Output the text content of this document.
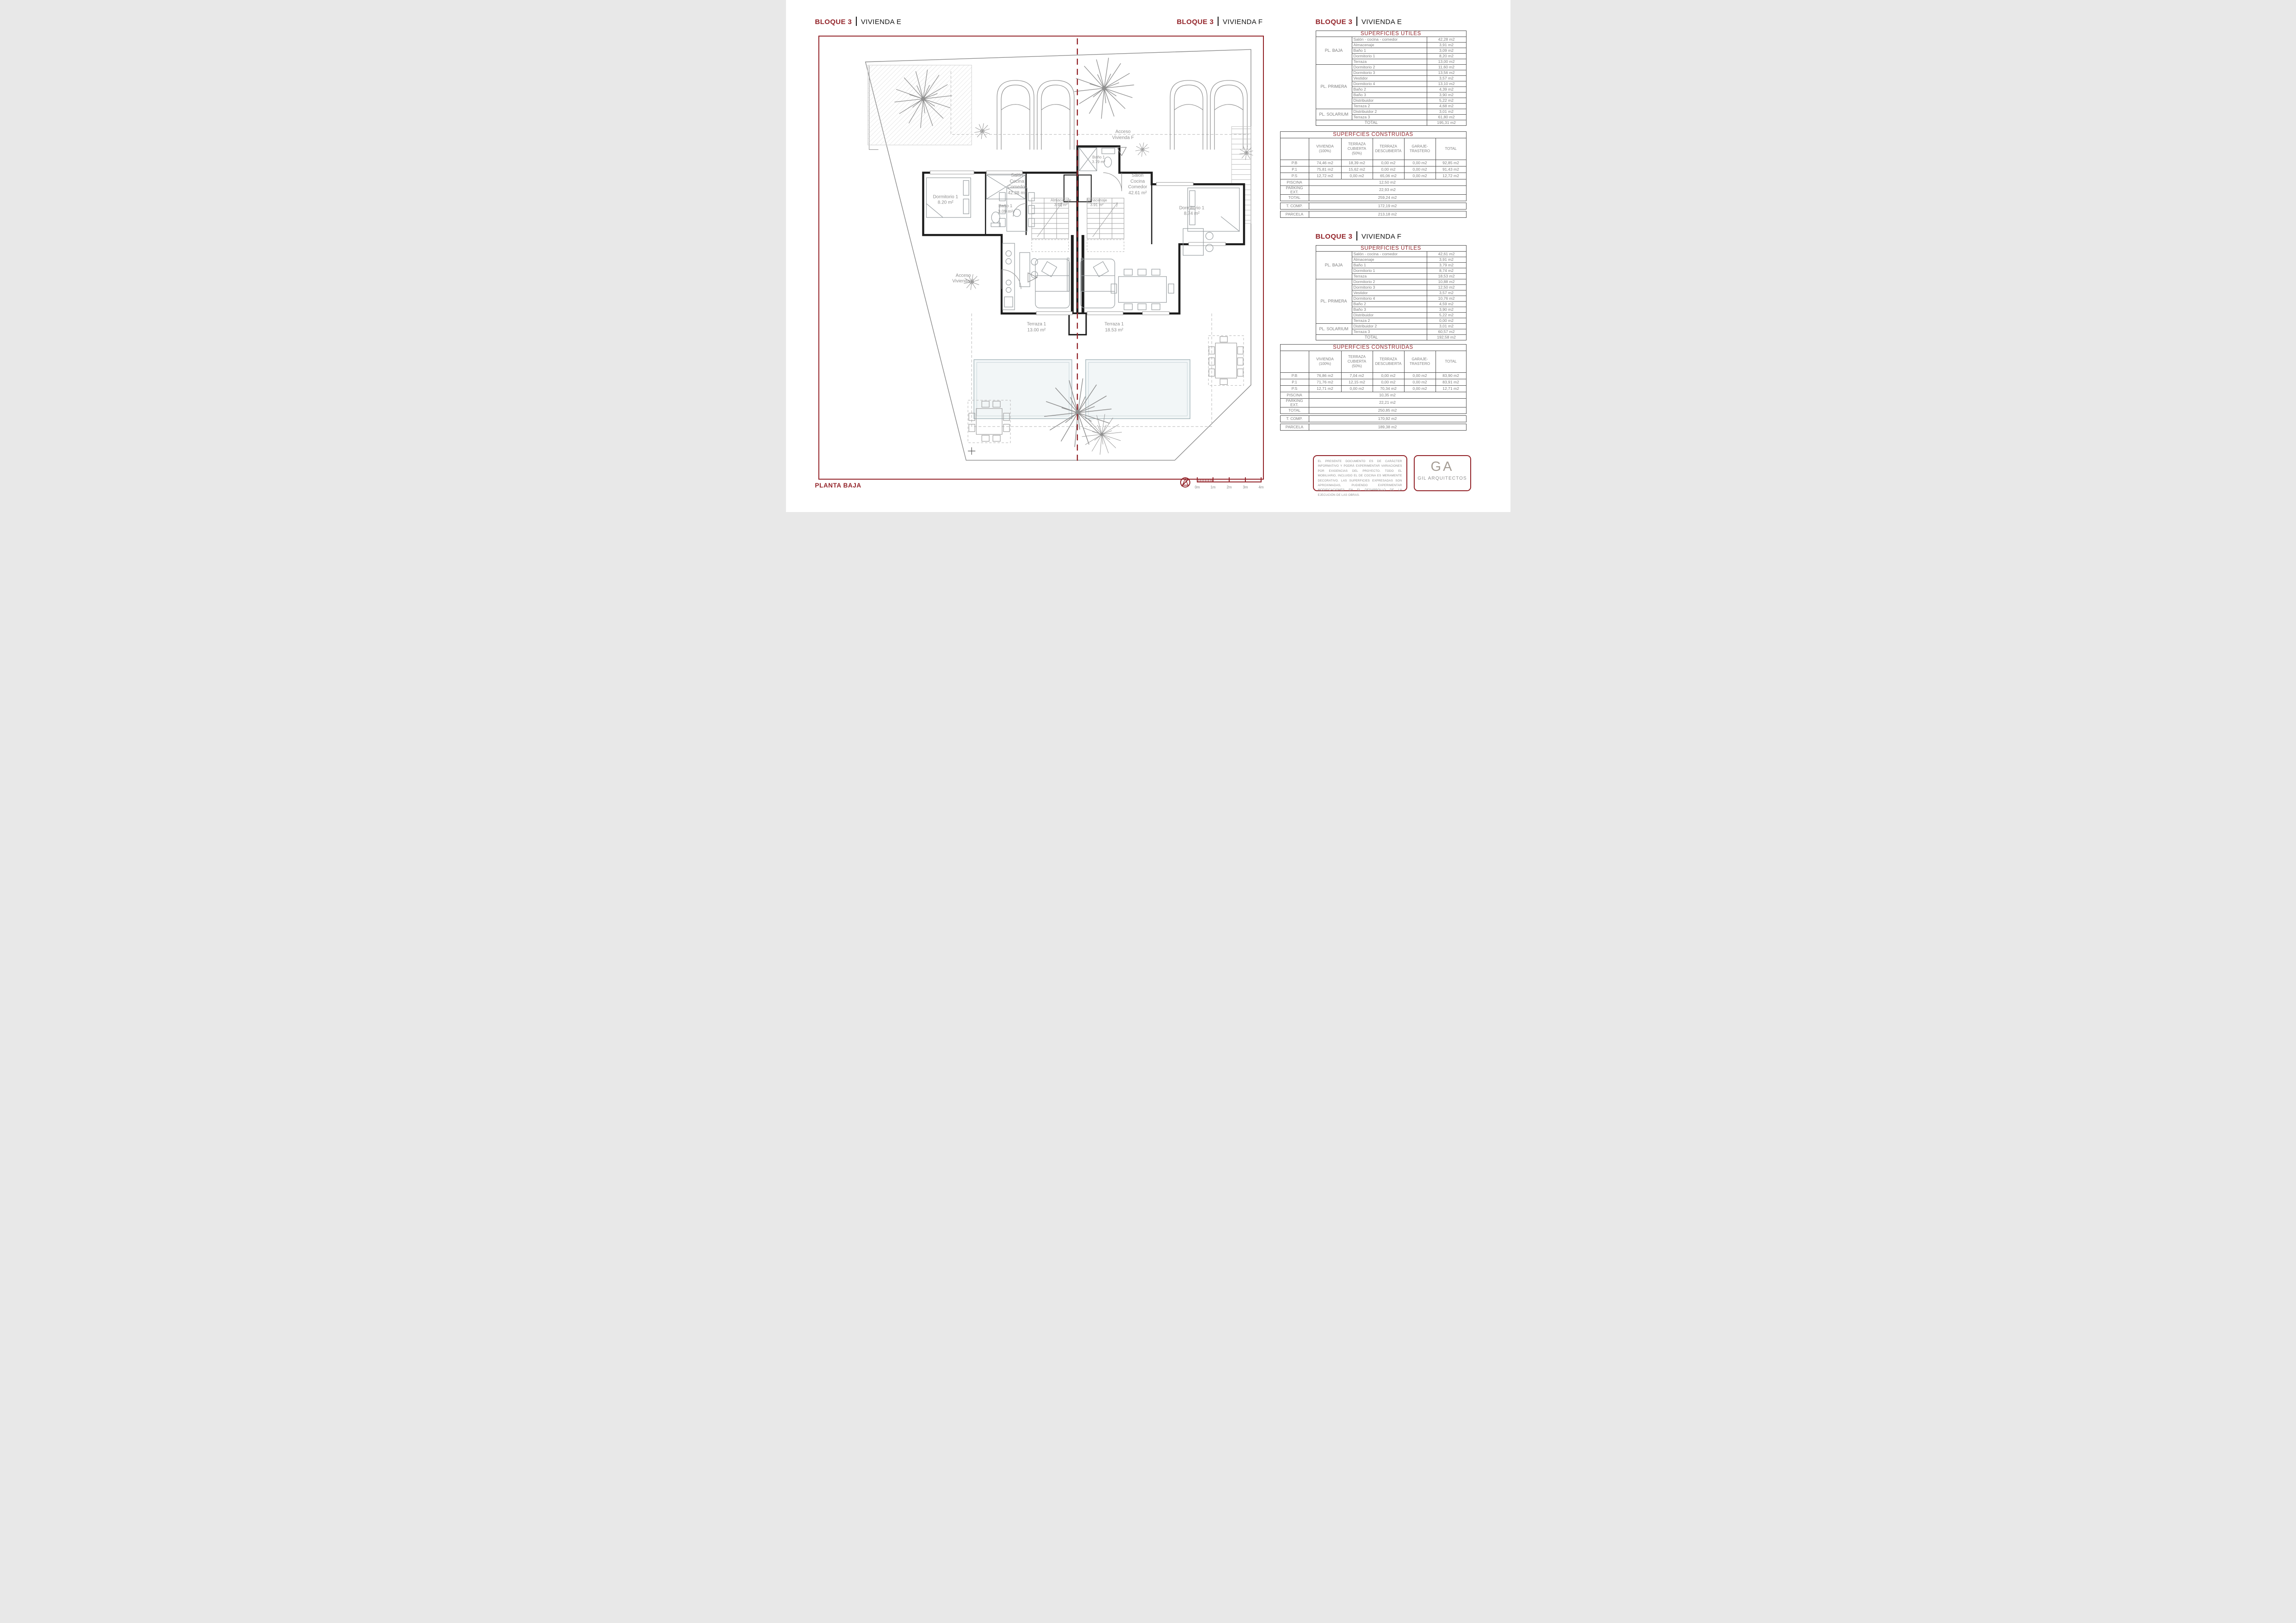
BLOQUE 3 VIVIENDA E	BLOQUE 3 VIVIENDA F
Dormitorio 1
8.20 m²
Baño 1
3.09 m²
Salón
Cocina
Comedor
42.28 m²
Almacenaje
3.91 m²
Baño 1
3.79 m²
Almacenaje
3.91 m²
Salón
Cocina
Comedor
42.61 m²
Dormitorio 1
8.74 m²
Terraza 1
13.00 m²
Terraza 1
18.53 m²
Acceso
Vivienda E
Acceso
Vivienda F
BLOQUE 3 VIVIENDA E
SUPERFICIES ÚTILES		
PL. BAJA	Salón - cocina - comedor	42,28 m2
	Almacenaje	3,91 m2
	Baño 1	3,09 m2
	Dormitorio 1	8,20 m2
	Terraza	13,00 m2
PL. PRIMERA	Dormitorio 2	11,60 m2
	Dormitorio 3	13,56 m2
	Vestidor	3,57 m2
	Dormitorio 4	13,10 m2
	Baño 2	4,39 m2
	Baño 3	3,90 m2
	Distribuidor	5,22 m2
	Terraza 2	4,68 m2
PL. SOLARIUM	Distribuidor 2	3,01 m2
	Terraza 3	61,80 m2
TOTAL		195,31 m2
SUPERFCIES CONSTRUIDAS					
	VIVIENDA (100%)	TERRAZA CUBIERTA (50%)	TERRAZA DESCUBIERTA	GARAJE-TRASTERO	TOTAL
P.B	74,46 m2	18,39 m2	0,00 m2	0,00 m2	92,85 m2
P.1	75,81 m2	15,62 m2	0,00 m2	0,00 m2	91,43 m2
P.S	12,72 m2	0,00 m2	65,06 m2	0,00 m2	12,72 m2
PISCINA	12,50 m2				
PARKING EXT.	22,93 m2				
TOTAL	259,24 m2				

T. COMP.	172,19 m2				

PARCELA	213,18 m2				
BLOQUE 3 VIVIENDA F
SUPERFICIES ÚTILES		
PL. BAJA	Salón - cocina - comedor	42,61 m2
	Almacenaje	3,91 m2
	Baño 1	3,79 m2
	Dormitorio 1	8,74 m2
	Terraza	18,53 m2
PL. PRIMERA	Dormitorio 2	10,88 m2
	Dormitorio 3	12,50 m2
	Vestidor	3,57 m2
	Dormitorio 4	10,76 m2
	Baño 2	4,59 m2
	Baño 3	3,90 m2
	Distribuidor	5,22 m2
	Terraza 2	0,00 m2
PL. SOLARIUM	Distribuidor 2	3,01 m2
	Terraza 3	60,57 m2
TOTAL		192,58 m2
SUPERFCIES CONSTRUIDAS					
	VIVIENDA (100%)	TERRAZA CUBIERTA (50%)	TERRAZA DESCUBIERTA	GARAJE-TRASTERO	TOTAL
P.B	76,86 m2	7,04 m2	0,00 m2	0,00 m2	83,90 m2
P.1	71,76 m2	12,15 m2	0,00 m2	0,00 m2	83,91 m2
P.S	12,71 m2	0,00 m2	70,34 m2	0,00 m2	12,71 m2
PISCINA	10,35 m2				
PARKING EXT.	22,21 m2				
TOTAL	250,85 m2				

T. COMP.	170,92 m2				

PARCELA	189,38 m2				
EL PRESENTE DOCUMENTO ES DE CARÁCTER INFORMATIVO Y PODRÁ EXPERIMENTAR VARIACIONES POR EXIGENCIAS DEL PROYECTO. TODO EL MOBILIARIO, INCLUIDO EL DE COCINA ES MERAMENTE DECORATIVO. LAS SUPERFICIES EXPRESADAS SON APROXIMADAS, PUDIENDO EXPERIMENTAR MODIFICACIONES EN EL DESARROLLO DE LA EJECUCIÓN DE LAS OBRAS.
GA
GIL ARQUITECTOS
PLANTA BAJA	0m	1m	2m	3m	4m
